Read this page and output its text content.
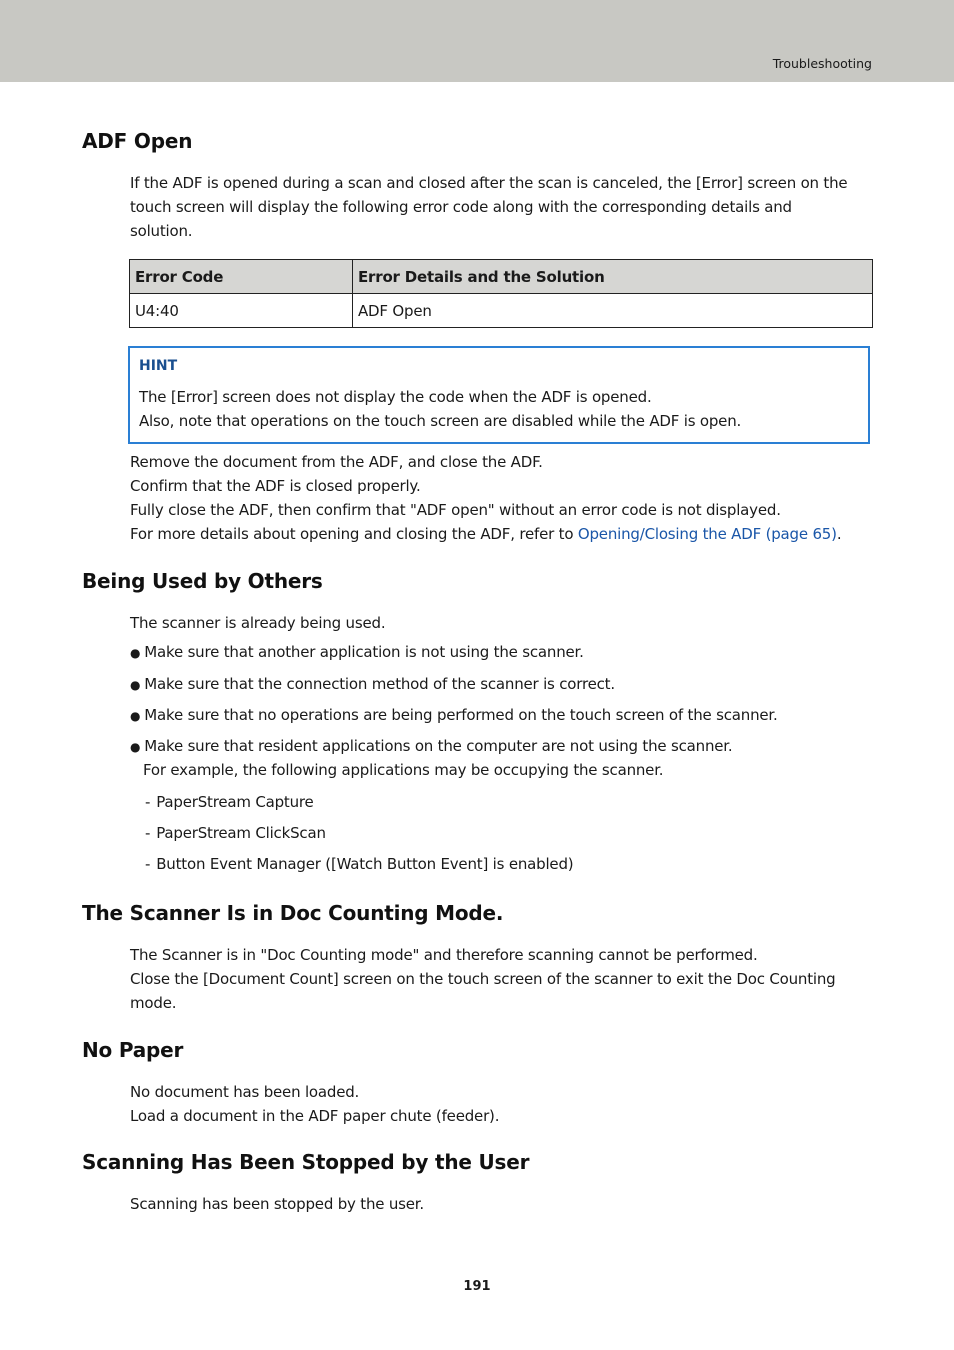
Troubleshooting
ADF Open

If the ADF is opened during a scan and closed after the scan is canceled, the [Error] screen on the
touch screen will display the following error code along with the corresponding details and
solution.

Error Code	Error Details and the Solution
U4:40	ADF Open
HINT
The [Error] screen does not display the code when the ADF is opened.
Also, note that operations on the touch screen are disabled while the ADF is open.

Remove the document from the ADF, and close the ADF.
Confirm that the ADF is closed properly.
Fully close the ADF, then confirm that "ADF open" without an error code is not displayed.
For more details about opening and closing the ADF, refer to Opening/Closing the ADF (page 65).

Being Used by Others

The scanner is already being used.

● Make sure that another application is not using the scanner.
● Make sure that the connection method of the scanner is correct.
● Make sure that no operations are being performed on the touch screen of the scanner.
● Make sure that resident applications on the computer are not using the scanner.
For example, the following applications may be occupying the scanner.
- PaperStream Capture
- PaperStream ClickScan
- Button Event Manager ([Watch Button Event] is enabled)
The Scanner Is in Doc Counting Mode.

The Scanner is in "Doc Counting mode" and therefore scanning cannot be performed.
Close the [Document Count] screen on the touch screen of the scanner to exit the Doc Counting
mode.

No Paper

No document has been loaded.
Load a document in the ADF paper chute (feeder).

Scanning Has Been Stopped by the User

Scanning has been stopped by the user.

191
